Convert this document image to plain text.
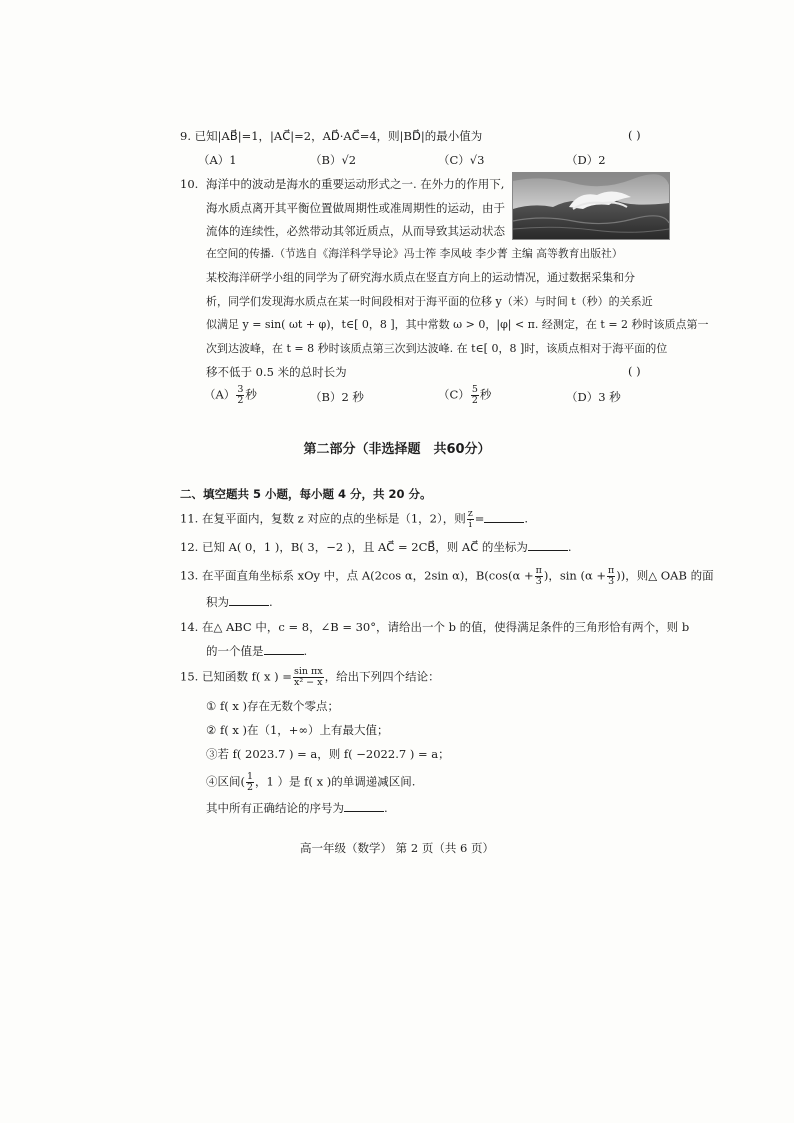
9. 已知|AB⃗|=1，|AC⃗|=2，AD⃗·AC⃗=4，则|BD⃗|的最小值为	( )
（A）1	（B）√2	（C）√3	（D）2
10. 海洋中的波动是海水的重要运动形式之一. 在外力的作用下,
海水质点离开其平衡位置做周期性或准周期性的运动，由于
流体的连续性，必然带动其邻近质点，从而导致其运动状态
在空间的传播.（节选自《海洋科学导论》冯士筰 李凤岐 李少菁 主编 高等教育出版社）
某校海洋研学小组的同学为了研究海水质点在竖直方向上的运动情况，通过数据采集和分
析，同学们发现海水质点在某一时间段相对于海平面的位移 y（米）与时间 t（秒）的关系近
似满足 y = sin( ωt + φ)，t∈[ 0，8 ]，其中常数 ω > 0，|φ| < π. 经测定，在 t = 2 秒时该质点第一
次到达波峰，在 t = 8 秒时该质点第三次到达波峰. 在 t∈[ 0，8 ]时，该质点相对于海平面的位
移不低于 0.5 米的总时长为	( )
$(A) \frac{3}{2}$ 秒	（B）2 秒	$(C) \frac{5}{2}$ 秒	（D）3 秒
第二部分（非选择题　共60分）
二、填空题共 5 小题，每小题 4 分，共 20 分。
11. 在复平面内，复数 z 对应的点的坐标是（1，2），则 $\frac{z}{i}$ =	.
12. 已知 A( 0，1 )，B( 3，−2 )，且 AC⃗ = 2CB⃗，则 AC⃗ 的坐标为	.
13. 在平面直角坐标系 xOy 中，点 A(2cos α，2sin α)，$B(\cos(\alpha + \frac{\pi}{3}$ )，$\sin (\alpha + \frac{\pi}{3}$ ))，则△ OAB 的面
积为	.
14. 在△ ABC 中，c = 8，∠B = 30°，请给出一个 b 的值，使得满足条件的三角形恰有两个，则 b
的一个值是	.
15. 已知函数 f( x ) = $\frac{\text{sin πx}}{\text{x² − x}}$ ，给出下列四个结论：
① f( x )存在无数个零点；
② f( x )在（1，+∞）上有最大值；
③若 f( 2023.7 ) = a，则 f( −2022.7 ) = a；
④区间( $\frac{1}{2}$ ，1 ）是 f( x )的单调递减区间.
其中所有正确结论的序号为	.
高一年级（数学） 第 2 页（共 6 页）
